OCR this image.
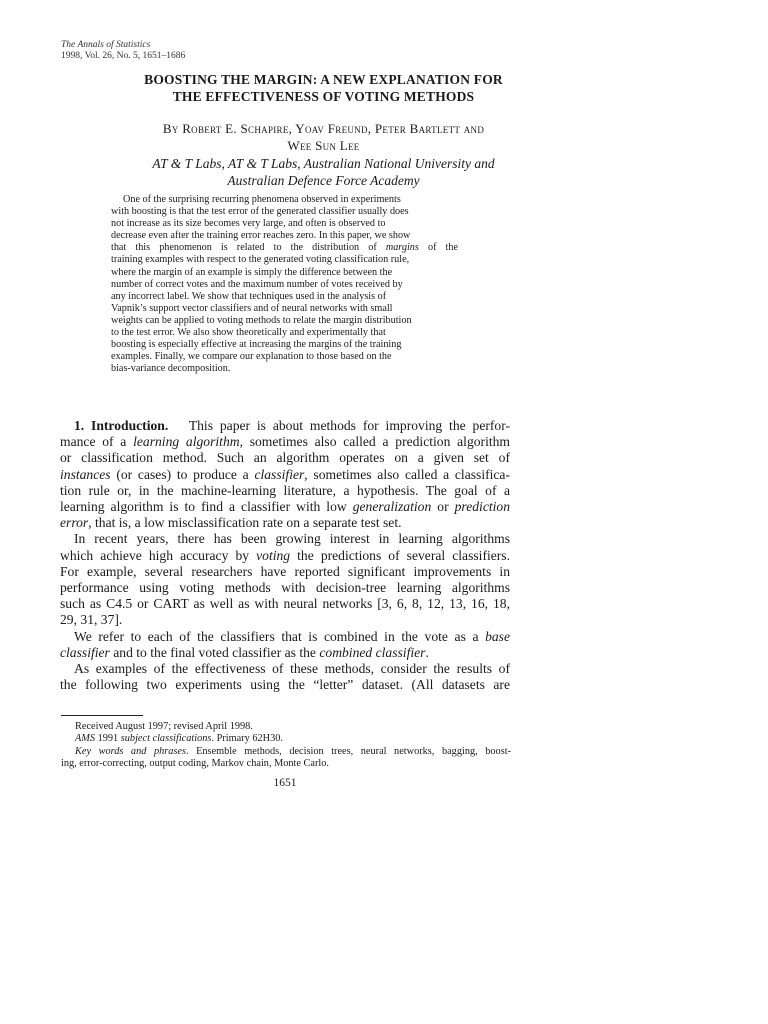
The Annals of Statistics
1998, Vol. 26, No. 5, 1651–1686
BOOSTING THE MARGIN: A NEW EXPLANATION FOR
THE EFFECTIVENESS OF VOTING METHODS
By Robert E. Schapire, Yoav Freund, Peter Bartlett and
Wee Sun Lee
AT & T Labs, AT & T Labs, Australian National University and
Australian Defence Force Academy
One of the surprising recurring phenomena observed in experiments
with boosting is that the test error of the generated classifier usually does
not increase as its size becomes very large, and often is observed to
decrease even after the training error reaches zero. In this paper, we show
that this phenomenon is related to the distribution of margins of the
training examples with respect to the generated voting classification rule,
where the margin of an example is simply the difference between the
number of correct votes and the maximum number of votes received by
any incorrect label. We show that techniques used in the analysis of
Vapnik’s support vector classifiers and of neural networks with small
weights can be applied to voting methods to relate the margin distribution
to the test error. We also show theoretically and experimentally that
boosting is especially effective at increasing the margins of the training
examples. Finally, we compare our explanation to those based on the
bias-variance decomposition.
1. Introduction. This paper is about methods for improving the perfor-
mance of a learning algorithm, sometimes also called a prediction algorithm
or classification method. Such an algorithm operates on a given set of
instances (or cases) to produce a classifier, sometimes also called a classifica-
tion rule or, in the machine-learning literature, a hypothesis. The goal of a
learning algorithm is to find a classifier with low generalization or prediction
error, that is, a low misclassification rate on a separate test set.
In recent years, there has been growing interest in learning algorithms
which achieve high accuracy by voting the predictions of several classifiers.
For example, several researchers have reported significant improvements in
performance using voting methods with decision-tree learning algorithms
such as C4.5 or CART as well as with neural networks [3, 6, 8, 12, 13, 16, 18,
29, 31, 37].
We refer to each of the classifiers that is combined in the vote as a base
classifier and to the final voted classifier as the combined classifier.
As examples of the effectiveness of these methods, consider the results of
the following two experiments using the “letter” dataset. (All datasets are
Received August 1997; revised April 1998.
AMS 1991 subject classifications. Primary 62H30.
Key words and phrases. Ensemble methods, decision trees, neural networks, bagging, boost-
ing, error-correcting, output coding, Markov chain, Monte Carlo.
1651
